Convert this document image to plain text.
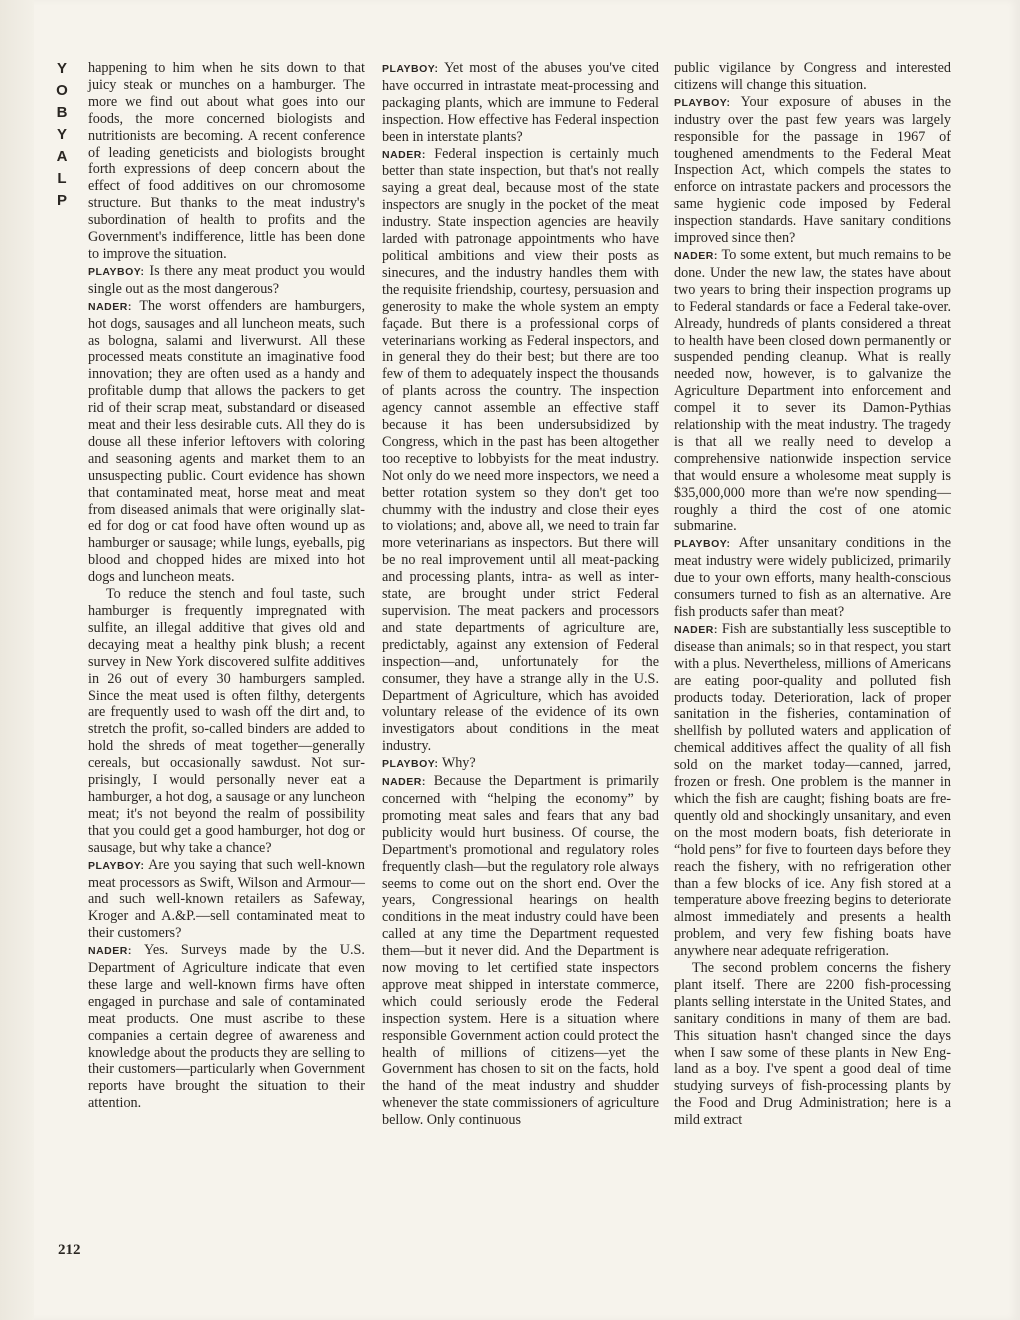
Y
O
B
Y
A
L
P

happening to him when he sits down to that juicy steak or munches on a hamburger. The more we find out about what goes into our foods, the more concerned biologists and nutritionists are becoming. A recent conference of leading geneticists and biologists brought forth expressions of deep concern about the effect of food additives on our chromosome structure. But thanks to the meat industry's subordination of health to profits and the Government's indifference, little has been done to improve the situation.

PLAYBOY: Is there any meat product you would single out as the most dangerous?

NADER: The worst offenders are hamburgers, hot dogs, sausages and all luncheon meats, such as bologna, salami and liverwurst. All these processed meats constitute an imaginative food innovation; they are often used as a handy and profitable dump that allows the packers to get rid of their scrap meat, substandard or diseased meat and their less desirable cuts. All they do is douse all these inferior leftovers with coloring and seasoning agents and market them to an unsuspecting public. Court evidence has shown that contaminated meat, horse meat and meat from diseased animals that were originally slated for dog or cat food have often wound up as hamburger or sausage; while lungs, eyeballs, pig blood and chopped hides are mixed into hot dogs and luncheon meats.

To reduce the stench and foul taste, such hamburger is frequently impregnated with sulfite, an illegal additive that gives old and decaying meat a healthy pink blush; a recent survey in New York discovered sulfite additives in 26 out of every 30 hamburgers sampled. Since the meat used is often filthy, detergents are frequently used to wash off the dirt and, to stretch the profit, so-called binders are added to hold the shreds of meat together—generally cereals, but occasionally sawdust. Not surprisingly, I would personally never eat a hamburger, a hot dog, a sausage or any luncheon meat; it's not beyond the realm of possibility that you could get a good hamburger, hot dog or sausage, but why take a chance?

PLAYBOY: Are you saying that such well-known meat processors as Swift, Wilson and Armour—and such well-known retailers as Safeway, Kroger and A.&P.—sell contaminated meat to their customers?

NADER: Yes. Surveys made by the U.S. Department of Agriculture indicate that even these large and well-known firms have often engaged in purchase and sale of contaminated meat products. One must ascribe to these companies a certain degree of awareness and knowledge about the products they are selling to their customers—particularly when Government reports have brought the situation to their attention.

PLAYBOY: Yet most of the abuses you've cited have occurred in intrastate meat-processing and packaging plants, which are immune to Federal inspection. How effective has Federal inspection been in interstate plants?

NADER: Federal inspection is certainly much better than state inspection, but that's not really saying a great deal, because most of the state inspectors are snugly in the pocket of the meat industry. State inspection agencies are heavily larded with patronage appointments who have political ambitions and view their posts as sinecures, and the industry handles them with the requisite friendship, courtesy, persuasion and generosity to make the whole system an empty façade. But there is a professional corps of veterinarians working as Federal inspectors, and in general they do their best; but there are too few of them to adequately inspect the thousands of plants across the country. The inspection agency cannot assemble an effective staff because it has been undersubsidized by Congress, which in the past has been altogether too receptive to lobbyists for the meat industry. Not only do we need more inspectors, we need a better rotation system so they don't get too chummy with the industry and close their eyes to violations; and, above all, we need to train far more veterinarians as inspectors. But there will be no real improvement until all meat-packing and processing plants, intra- as well as interstate, are brought under strict Federal supervision. The meat packers and processors and state departments of agriculture are, predictably, against any extension of Federal inspection—and, unfortunately for the consumer, they have a strange ally in the U.S. Department of Agriculture, which has avoided voluntary release of the evidence of its own investigators about conditions in the meat industry.

PLAYBOY: Why?

NADER: Because the Department is primarily concerned with “helping the economy” by promoting meat sales and fears that any bad publicity would hurt business. Of course, the Department's promotional and regulatory roles frequently clash—but the regulatory role always seems to come out on the short end. Over the years, Congressional hearings on health conditions in the meat industry could have been called at any time the Department requested them—but it never did. And the Department is now moving to let certified state inspectors approve meat shipped in interstate commerce, which could seriously erode the Federal inspection system. Here is a situation where responsible Government action could protect the health of millions of citizens—yet the Government has chosen to sit on the facts, hold the hand of the meat industry and shudder whenever the state commissioners of agriculture bellow. Only continuous

public vigilance by Congress and interested citizens will change this situation.

PLAYBOY: Your exposure of abuses in the industry over the past few years was largely responsible for the passage in 1967 of toughened amendments to the Federal Meat Inspection Act, which compels the states to enforce on intrastate packers and processors the same hygienic code imposed by Federal inspection standards. Have sanitary conditions improved since then?

NADER: To some extent, but much remains to be done. Under the new law, the states have about two years to bring their inspection programs up to Federal standards or face a Federal take-over. Already, hundreds of plants considered a threat to health have been closed down permanently or suspended pending cleanup. What is really needed now, however, is to galvanize the Agriculture Department into enforcement and compel it to sever its Damon-Pythias relationship with the meat industry. The tragedy is that all we really need to develop a comprehensive nationwide inspection service that would ensure a wholesome meat supply is $35,000,000 more than we're now spending—roughly a third the cost of one atomic submarine.

PLAYBOY: After unsanitary conditions in the meat industry were widely publicized, primarily due to your own efforts, many health-conscious consumers turned to fish as an alternative. Are fish products safer than meat?

NADER: Fish are substantially less susceptible to disease than animals; so in that respect, you start with a plus. Nevertheless, millions of Americans are eating poor-quality and polluted fish products today. Deterioration, lack of proper sanitation in the fisheries, contamination of shellfish by polluted waters and application of chemical additives affect the quality of all fish sold on the market today—canned, jarred, frozen or fresh. One problem is the manner in which the fish are caught; fishing boats are frequently old and shockingly unsanitary, and even on the most modern boats, fish deteriorate in “hold pens” for five to fourteen days before they reach the fishery, with no refrigeration other than a few blocks of ice. Any fish stored at a temperature above freezing begins to deteriorate almost immediately and presents a health problem, and very few fishing boats have anywhere near adequate refrigeration.

The second problem concerns the fishery plant itself. There are 2200 fish-processing plants selling interstate in the United States, and sanitary conditions in many of them are bad. This situation hasn't changed since the days when I saw some of these plants in New England as a boy. I've spent a good deal of time studying surveys of fish-processing plants by the Food and Drug Administration; here is a mild extract

212
